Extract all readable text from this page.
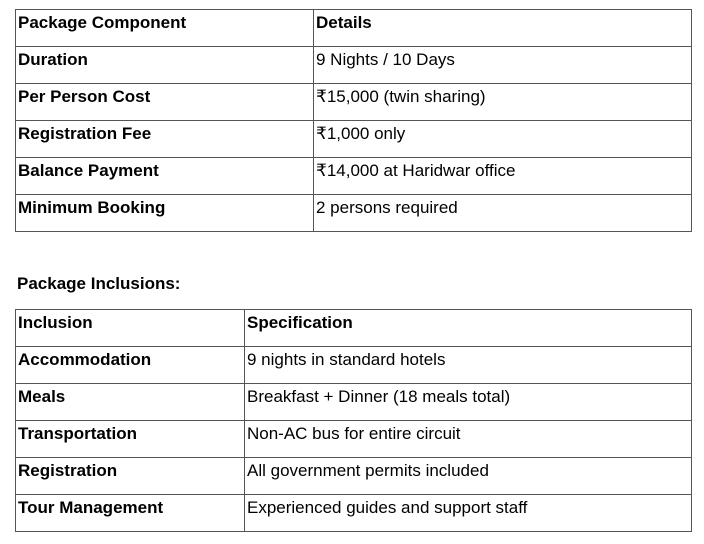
Package Component	Details
Duration	9 Nights / 10 Days
Per Person Cost	₹15,000 (twin sharing)
Registration Fee	₹1,000 only
Balance Payment	₹14,000 at Haridwar office
Minimum Booking	2 persons required
Package Inclusions:
Inclusion	Specification
Accommodation	9 nights in standard hotels
Meals	Breakfast + Dinner (18 meals total)
Transportation	Non-AC bus for entire circuit
Registration	All government permits included
Tour Management	Experienced guides and support staff
